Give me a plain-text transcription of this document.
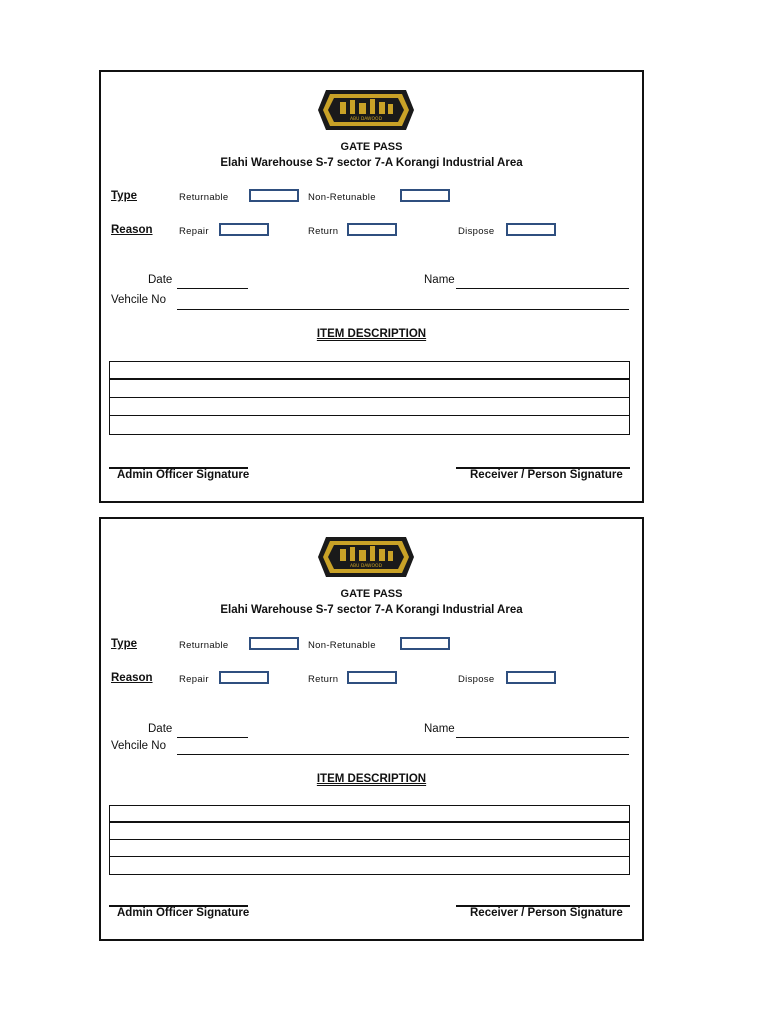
ABU DAWOOD
GATE PASS
Elahi Warehouse S-7 sector 7-A Korangi Industrial Area
Type	Returnable	Non-Retunable
Reason	Repair	Return	Dispose
Date	Name
Vehcile No
ITEM DESCRIPTION
Admin Officer Signature	Receiver / Person Signature
ABU DAWOOD
GATE PASS
Elahi Warehouse S-7 sector 7-A Korangi Industrial Area
Type	Returnable	Non-Retunable
Reason	Repair	Return	Dispose
Date	Name
Vehcile No
ITEM DESCRIPTION
Admin Officer Signature	Receiver / Person Signature
